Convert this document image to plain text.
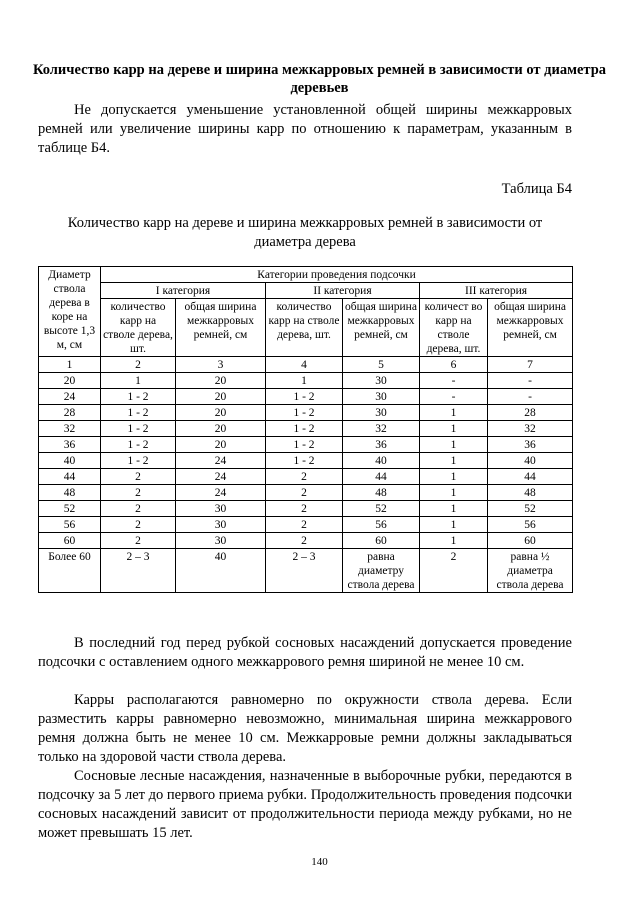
Количество карр на дереве и ширина межкарровых ремней в зависимости от диаметра деревьев

Не допускается уменьшение установленной общей ширины межкарровых ремней или увеличение ширины карр по отношению к параметрам, указанным в таблице Б4.

Таблица Б4
Количество карр на дереве и ширина межкарровых ремней в зависимости от диаметра дерева
Диаметр ствола дерева в коре на высоте 1,3 м, см	Категории проведения подсочки					
	I категория		II категория		III категория	
	количество карр на стволе дерева, шт.	общая ширина межкарровых ремней, см	количество карр на стволе дерева, шт.	общая ширина межкарровых ремней, см	количест во карр на стволе дерева, шт.	общая ширина межкарровых ремней, см
1	2	3	4	5	6	7
20	1	20	1	30	-	-
24	1 - 2	20	1 - 2	30	-	-
28	1 - 2	20	1 - 2	30	1	28
32	1 - 2	20	1 - 2	32	1	32
36	1 - 2	20	1 - 2	36	1	36
40	1 - 2	24	1 - 2	40	1	40
44	2	24	2	44	1	44
48	2	24	2	48	1	48
52	2	30	2	52	1	52
56	2	30	2	56	1	56
60	2	30	2	60	1	60
Более 60	2 – 3	40	2 – 3	равна диаметру ствола дерева	2	равна ½ диаметра ствола дерева

В последний год перед рубкой сосновых насаждений допускается проведение подсочки с оставлением одного межкаррового ремня шириной не менее 10 см.

Карры располагаются равномерно по окружности ствола дерева. Если разместить карры равномерно невозможно, минимальная ширина межкаррового ремня должна быть не менее 10 см. Межкарровые ремни должны закладываться только на здоровой части ствола дерева.

Сосновые лесные насаждения, назначенные в выборочные рубки, передаются в подсочку за 5 лет до первого приема рубки. Продолжительность проведения подсочки сосновых насаждений зависит от продолжительности периода между рубками, но не может превышать 15 лет.

140
